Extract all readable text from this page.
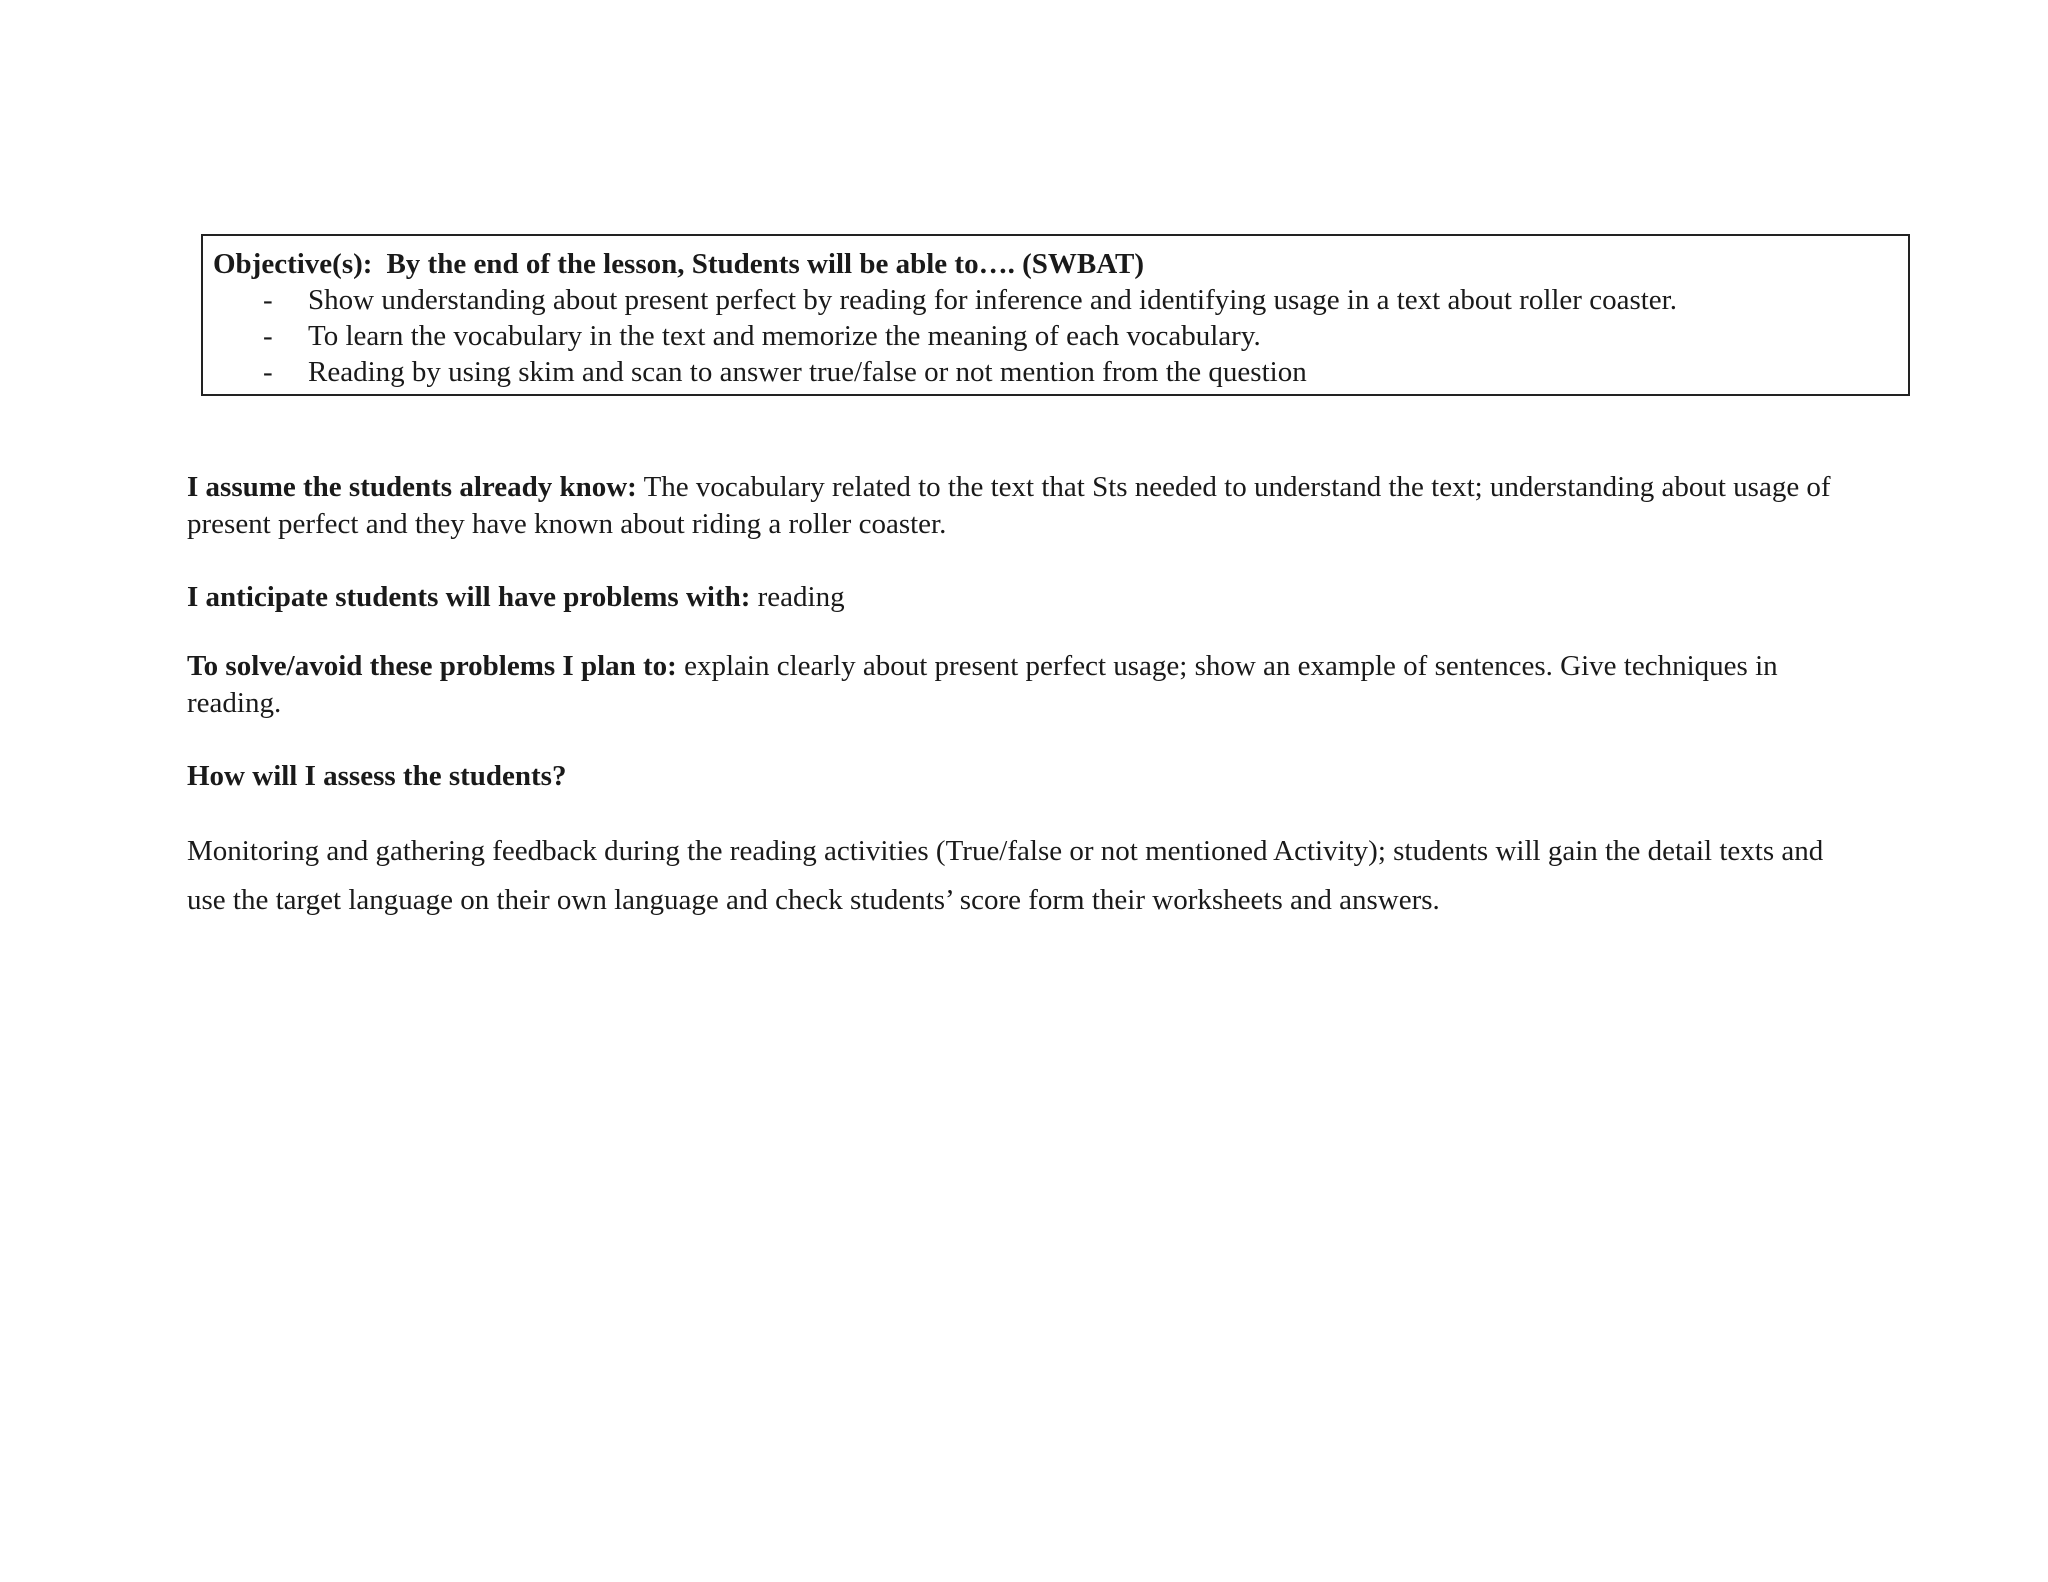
Objective(s): By the end of the lesson, Students will be able to…. (SWBAT)
- Show understanding about present perfect by reading for inference and identifying usage in a text about roller coaster.
- To learn the vocabulary in the text and memorize the meaning of each vocabulary.
- Reading by using skim and scan to answer true/false or not mention from the question
I assume the students already know: The vocabulary related to the text that Sts needed to understand the text; understanding about usage of present perfect and they have known about riding a roller coaster.
I anticipate students will have problems with: reading
To solve/avoid these problems I plan to: explain clearly about present perfect usage; show an example of sentences. Give techniques in reading.
How will I assess the students?
Monitoring and gathering feedback during the reading activities (True/false or not mentioned Activity); students will gain the detail texts and use the target language on their own language and check students’ score form their worksheets and answers.
